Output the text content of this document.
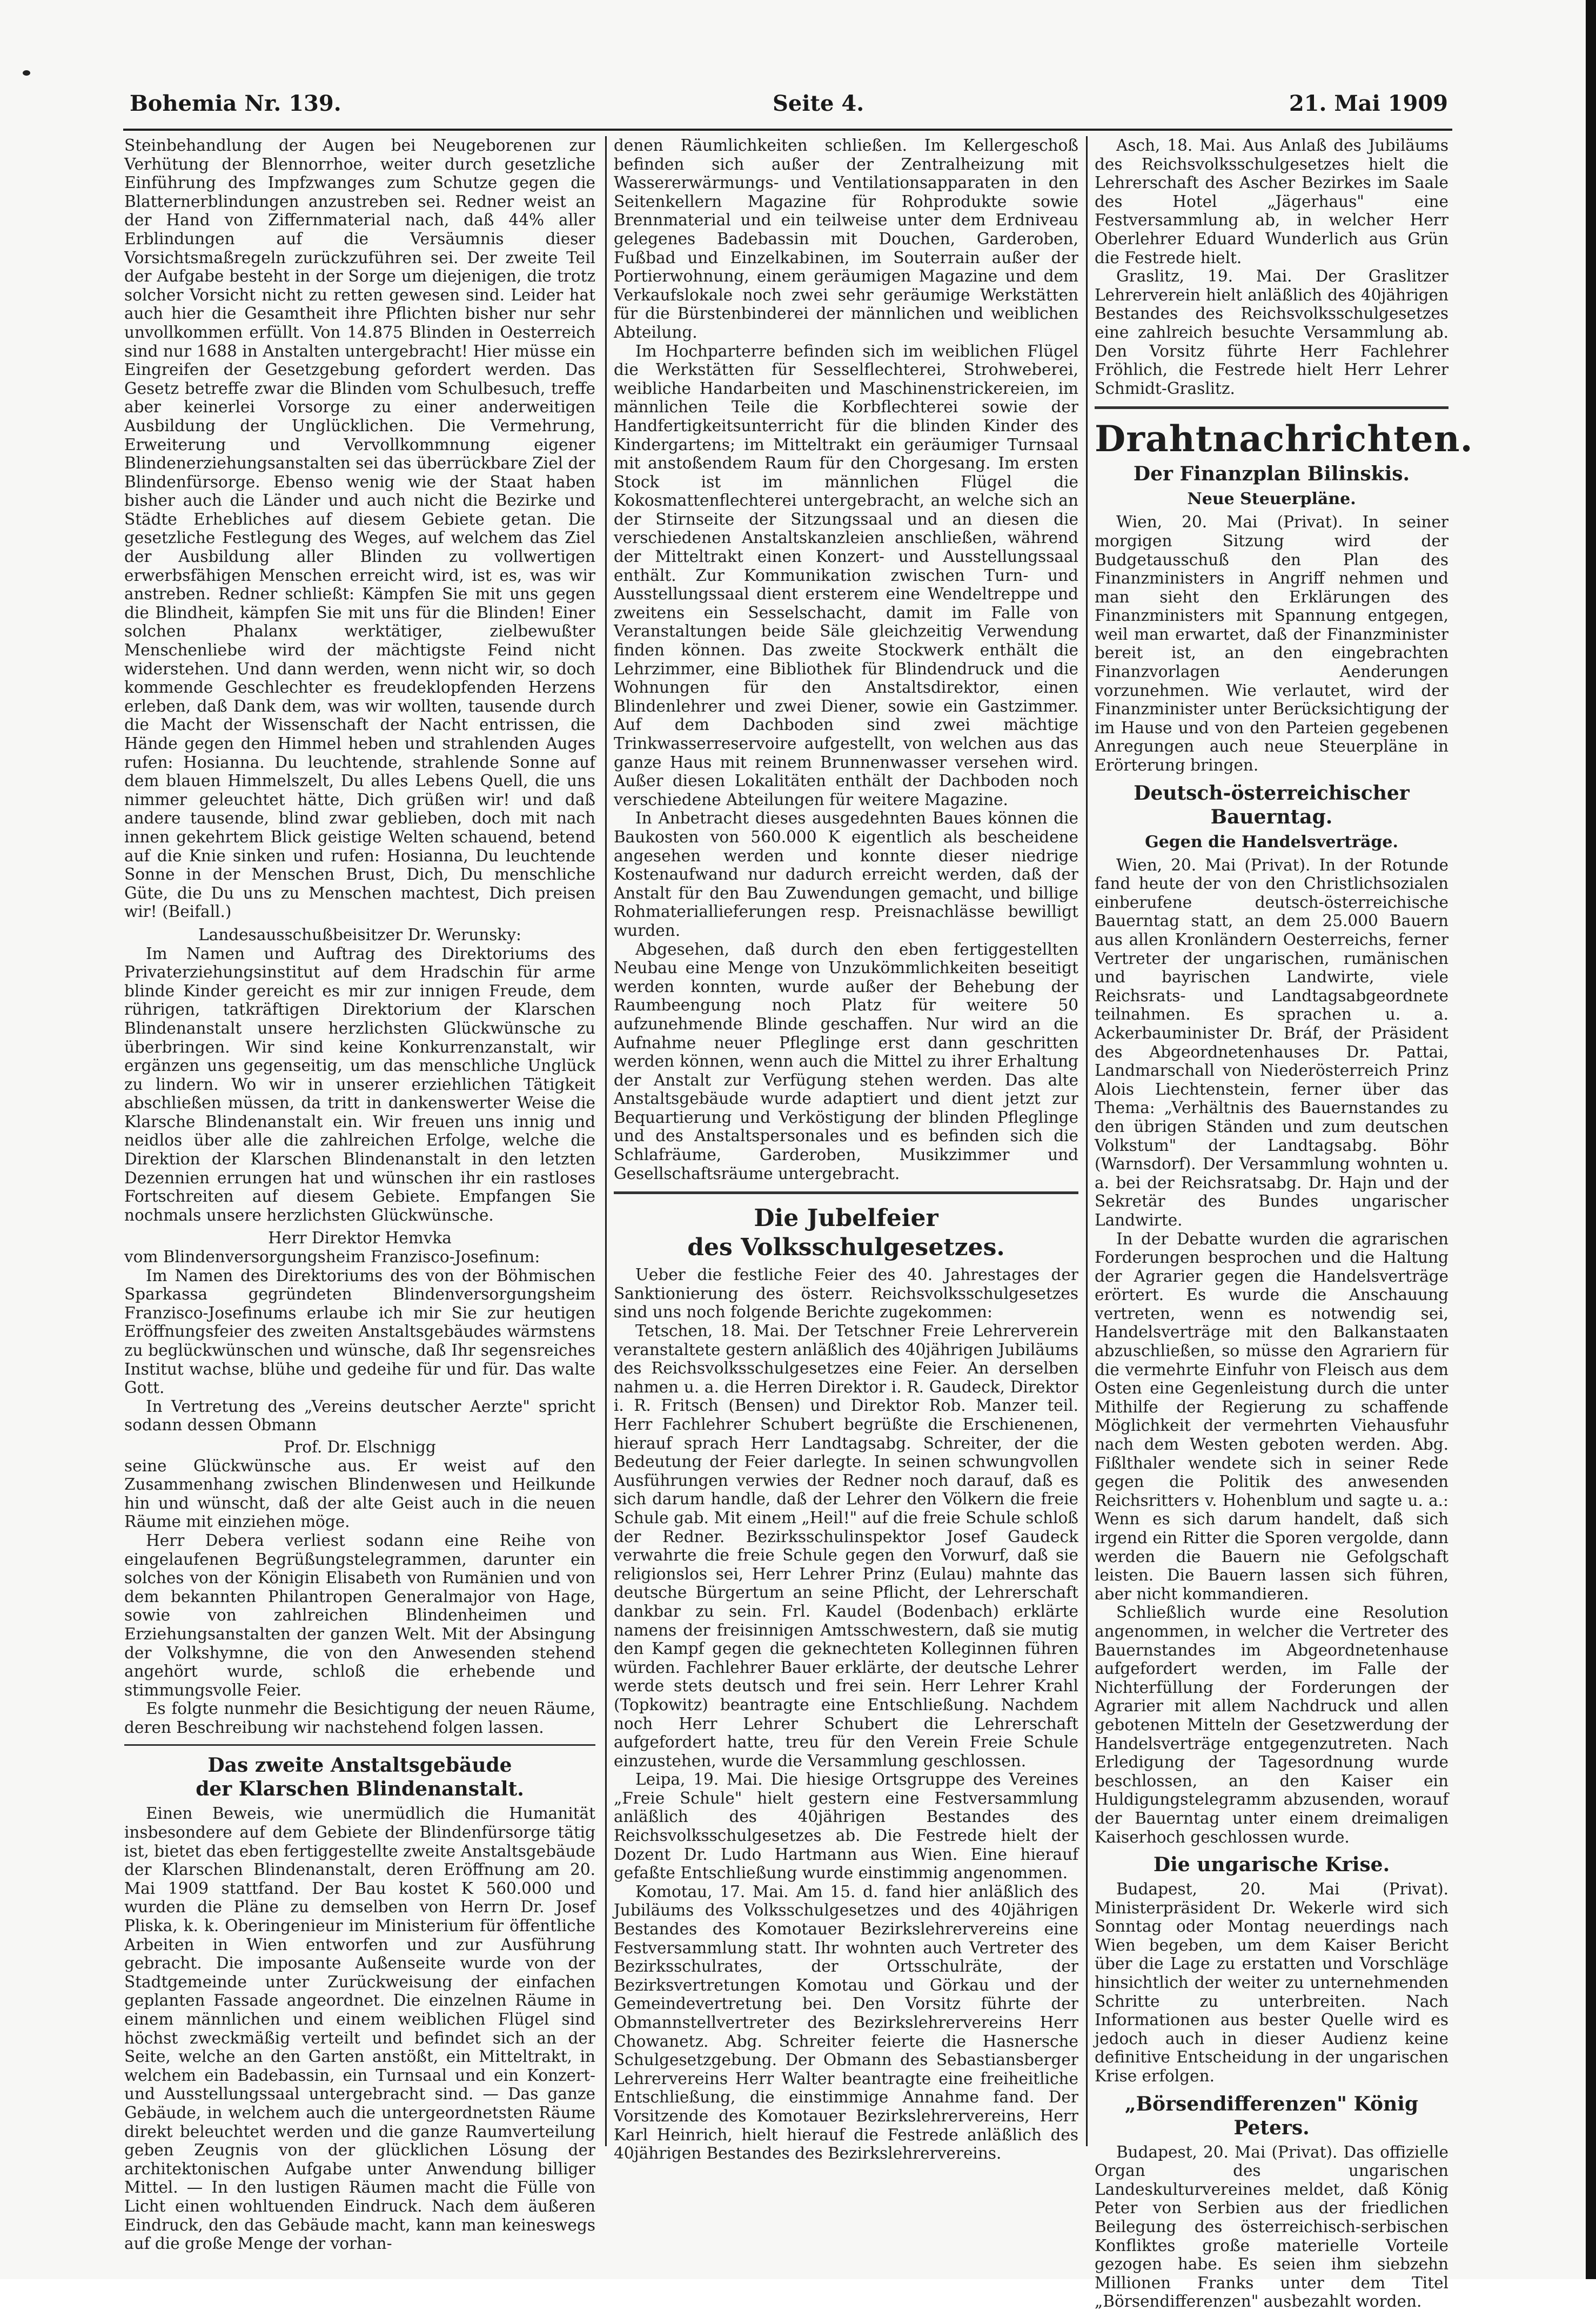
Bohemia Nr. 139.	Seite 4.	21. Mai 1909

Steinbehandlung der Augen bei Neugeborenen zur Verhütung der Blennorrhoe, weiter durch gesetzliche Einführung des Impfzwanges zum Schutze gegen die Blatternerblindungen anzustreben sei. Redner weist an der Hand von Ziffernmaterial nach, daß 44% aller Erblindungen auf die Versäumnis dieser Vorsichtsmaßregeln zurückzuführen sei. Der zweite Teil der Aufgabe besteht in der Sorge um diejenigen, die trotz solcher Vorsicht nicht zu retten gewesen sind. Leider hat auch hier die Gesamtheit ihre Pflichten bisher nur sehr unvollkommen erfüllt. Von 14.875 Blinden in Oesterreich sind nur 1688 in Anstalten untergebracht! Hier müsse ein Eingreifen der Gesetzgebung gefordert werden. Das Gesetz betreffe zwar die Blinden vom Schulbesuch, treffe aber keinerlei Vorsorge zu einer anderweitigen Ausbildung der Unglücklichen. Die Vermehrung, Erweiterung und Vervollkommnung eigener Blindenerziehungsanstalten sei das überrückbare Ziel der Blindenfürsorge. Ebenso wenig wie der Staat haben bisher auch die Länder und auch nicht die Bezirke und Städte Erhebliches auf diesem Gebiete getan. Die gesetzliche Festlegung des Weges, auf welchem das Ziel der Ausbildung aller Blinden zu vollwertigen erwerbsfähigen Menschen erreicht wird, ist es, was wir anstreben. Redner schließt: Kämpfen Sie mit uns gegen die Blindheit, kämpfen Sie mit uns für die Blinden! Einer solchen Phalanx werktätiger, zielbewußter Menschenliebe wird der mächtigste Feind nicht widerstehen. Und dann werden, wenn nicht wir, so doch kommende Geschlechter es freudeklopfenden Herzens erleben, daß Dank dem, was wir wollten, tausende durch die Macht der Wissenschaft der Nacht entrissen, die Hände gegen den Himmel heben und strahlenden Auges rufen: Hosianna. Du leuchtende, strahlende Sonne auf dem blauen Himmelszelt, Du alles Lebens Quell, die uns nimmer geleuchtet hätte, Dich grüßen wir! und daß andere tausende, blind zwar geblieben, doch mit nach innen gekehrtem Blick geistige Welten schauend, betend auf die Knie sinken und rufen: Hosianna, Du leuchtende Sonne in der Menschen Brust, Dich, Du menschliche Güte, die Du uns zu Menschen machtest, Dich preisen wir! (Beifall.)

Landesausschußbeisitzer Dr. Werunsky:

Im Namen und Auftrag des Direktoriums des Privaterziehungsinstitut auf dem Hradschin für arme blinde Kinder gereicht es mir zur innigen Freude, dem rührigen, tatkräftigen Direktorium der Klarschen Blindenanstalt unsere herzlichsten Glückwünsche zu überbringen. Wir sind keine Konkurrenzanstalt, wir ergänzen uns gegenseitig, um das menschliche Unglück zu lindern. Wo wir in unserer erziehlichen Tätigkeit abschließen müssen, da tritt in dankenswerter Weise die Klarsche Blindenanstalt ein. Wir freuen uns innig und neidlos über alle die zahlreichen Erfolge, welche die Direktion der Klarschen Blindenanstalt in den letzten Dezennien errungen hat und wünschen ihr ein rastloses Fortschreiten auf diesem Gebiete. Empfangen Sie nochmals unsere herzlichsten Glückwünsche.

Herr Direktor Hemvka

vom Blindenversorgungsheim Franzisco-Josefinum:

Im Namen des Direktoriums des von der Böhmischen Sparkassa gegründeten Blindenversorgungsheim Franzisco-Josefinums erlaube ich mir Sie zur heutigen Eröffnungsfeier des zweiten Anstaltsgebäudes wärmstens zu beglückwünschen und wünsche, daß Ihr segensreiches Institut wachse, blühe und gedeihe für und für. Das walte Gott.

In Vertretung des „Vereins deutscher Aerzte" spricht sodann dessen Obmann

Prof. Dr. Elschnigg

seine Glückwünsche aus. Er weist auf den Zusammenhang zwischen Blindenwesen und Heilkunde hin und wünscht, daß der alte Geist auch in die neuen Räume mit einziehen möge.

Herr Debera verliest sodann eine Reihe von eingelaufenen Begrüßungstelegrammen, darunter ein solches von der Königin Elisabeth von Rumänien und von dem bekannten Philantropen Generalmajor von Hage, sowie von zahlreichen Blindenheimen und Erziehungsanstalten der ganzen Welt. Mit der Absingung der Volkshymne, die von den Anwesenden stehend angehört wurde, schloß die erhebende und stimmungsvolle Feier.

Es folgte nunmehr die Besichtigung der neuen Räume, deren Beschreibung wir nachstehend folgen lassen.

Das zweite Anstaltsgebäude
der Klarschen Blindenanstalt.

Einen Beweis, wie unermüdlich die Humanität insbesondere auf dem Gebiete der Blindenfürsorge tätig ist, bietet das eben fertiggestellte zweite Anstaltsgebäude der Klarschen Blindenanstalt, deren Eröffnung am 20. Mai 1909 stattfand. Der Bau kostet K 560.000 und wurden die Pläne zu demselben von Herrn Dr. Josef Pliska, k. k. Oberingenieur im Ministerium für öffentliche Arbeiten in Wien entworfen und zur Ausführung gebracht. Die imposante Außenseite wurde von der Stadtgemeinde unter Zurückweisung der einfachen geplanten Fassade angeordnet. Die einzelnen Räume in einem männlichen und einem weiblichen Flügel sind höchst zweckmäßig verteilt und befindet sich an der Seite, welche an den Garten anstößt, ein Mitteltrakt, in welchem ein Badebassin, ein Turnsaal und ein Konzert- und Ausstellungssaal untergebracht sind. — Das ganze Gebäude, in welchem auch die untergeordnetsten Räume direkt beleuchtet werden und die ganze Raumverteilung geben Zeugnis von der glücklichen Lösung der architektonischen Aufgabe unter Anwendung billiger Mittel. — In den lustigen Räumen macht die Fülle von Licht einen wohltuenden Eindruck. Nach dem äußeren Eindruck, den das Gebäude macht, kann man keineswegs auf die große Menge der vorhan-

denen Räumlichkeiten schließen. Im Kellergeschoß befinden sich außer der Zentralheizung mit Wassererwärmungs- und Ventilationsapparaten in den Seitenkellern Magazine für Rohprodukte sowie Brennmaterial und ein teilweise unter dem Erdniveau gelegenes Badebassin mit Douchen, Garderoben, Fußbad und Einzelkabinen, im Souterrain außer der Portierwohnung, einem geräumigen Magazine und dem Verkaufslokale noch zwei sehr geräumige Werkstätten für die Bürstenbinderei der männlichen und weiblichen Abteilung.

Im Hochparterre befinden sich im weiblichen Flügel die Werkstätten für Sesselflechterei, Strohweberei, weibliche Handarbeiten und Maschinenstrickereien, im männlichen Teile die Korbflechterei sowie der Handfertigkeitsunterricht für die blinden Kinder des Kindergartens; im Mitteltrakt ein geräumiger Turnsaal mit anstoßendem Raum für den Chorgesang. Im ersten Stock ist im männlichen Flügel die Kokosmattenflechterei untergebracht, an welche sich an der Stirnseite der Sitzungssaal und an diesen die verschiedenen Anstaltskanzleien anschließen, während der Mitteltrakt einen Konzert- und Ausstellungssaal enthält. Zur Kommunikation zwischen Turn- und Ausstellungssaal dient ersterem eine Wendeltreppe und zweitens ein Sesselschacht, damit im Falle von Veranstaltungen beide Säle gleichzeitig Verwendung finden können. Das zweite Stockwerk enthält die Lehrzimmer, eine Bibliothek für Blindendruck und die Wohnungen für den Anstaltsdirektor, einen Blindenlehrer und zwei Diener, sowie ein Gastzimmer. Auf dem Dachboden sind zwei mächtige Trinkwasserreservoire aufgestellt, von welchen aus das ganze Haus mit reinem Brunnenwasser versehen wird. Außer diesen Lokalitäten enthält der Dachboden noch verschiedene Abteilungen für weitere Magazine.

In Anbetracht dieses ausgedehnten Baues können die Baukosten von 560.000 K eigentlich als bescheidene angesehen werden und konnte dieser niedrige Kostenaufwand nur dadurch erreicht werden, daß der Anstalt für den Bau Zuwendungen gemacht, und billige Rohmateriallieferungen resp. Preisnachlässe bewilligt wurden.

Abgesehen, daß durch den eben fertiggestellten Neubau eine Menge von Unzukömmlichkeiten beseitigt werden konnten, wurde außer der Behebung der Raumbeengung noch Platz für weitere 50 aufzunehmende Blinde geschaffen. Nur wird an die Aufnahme neuer Pfleglinge erst dann geschritten werden können, wenn auch die Mittel zu ihrer Erhaltung der Anstalt zur Verfügung stehen werden. Das alte Anstaltsgebäude wurde adaptiert und dient jetzt zur Bequartierung und Verköstigung der blinden Pfleglinge und des Anstaltspersonales und es befinden sich die Schlafräume, Garderoben, Musikzimmer und Gesellschaftsräume untergebracht.

Die Jubelfeier
des Volksschulgesetzes.

Ueber die festliche Feier des 40. Jahrestages der Sanktionierung des österr. Reichsvolksschulgesetzes sind uns noch folgende Berichte zugekommen:

Tetschen, 18. Mai. Der Tetschner Freie Lehrerverein veranstaltete gestern anläßlich des 40jährigen Jubiläums des Reichsvolksschulgesetzes eine Feier. An derselben nahmen u. a. die Herren Direktor i. R. Gaudeck, Direktor i. R. Fritsch (Bensen) und Direktor Rob. Manzer teil. Herr Fachlehrer Schubert begrüßte die Erschienenen, hierauf sprach Herr Landtagsabg. Schreiter, der die Bedeutung der Feier darlegte. In seinen schwungvollen Ausführungen verwies der Redner noch darauf, daß es sich darum handle, daß der Lehrer den Völkern die freie Schule gab. Mit einem „Heil!" auf die freie Schule schloß der Redner. Bezirksschulinspektor Josef Gaudeck verwahrte die freie Schule gegen den Vorwurf, daß sie religionslos sei, Herr Lehrer Prinz (Eulau) mahnte das deutsche Bürgertum an seine Pflicht, der Lehrerschaft dankbar zu sein. Frl. Kaudel (Bodenbach) erklärte namens der freisinnigen Amtsschwestern, daß sie mutig den Kampf gegen die geknechteten Kolleginnen führen würden. Fachlehrer Bauer erklärte, der deutsche Lehrer werde stets deutsch und frei sein. Herr Lehrer Krahl (Topkowitz) beantragte eine Entschließung. Nachdem noch Herr Lehrer Schubert die Lehrerschaft aufgefordert hatte, treu für den Verein Freie Schule einzustehen, wurde die Versammlung geschlossen.

Leipa, 19. Mai. Die hiesige Ortsgruppe des Vereines „Freie Schule" hielt gestern eine Festversammlung anläßlich des 40jährigen Bestandes des Reichsvolksschulgesetzes ab. Die Festrede hielt der Dozent Dr. Ludo Hartmann aus Wien. Eine hierauf gefaßte Entschließung wurde einstimmig angenommen.

Komotau, 17. Mai. Am 15. d. fand hier anläßlich des Jubiläums des Volksschulgesetzes und des 40jährigen Bestandes des Komotauer Bezirkslehrervereins eine Festversammlung statt. Ihr wohnten auch Vertreter des Bezirksschulrates, der Ortsschulräte, der Bezirksvertretungen Komotau und Görkau und der Gemeindevertretung bei. Den Vorsitz führte der Obmannstellvertreter des Bezirkslehrervereins Herr Chowanetz. Abg. Schreiter feierte die Hasnersche Schulgesetzgebung. Der Obmann des Sebastiansberger Lehrervereins Herr Walter beantragte eine freiheitliche Entschließung, die einstimmige Annahme fand. Der Vorsitzende des Komotauer Bezirkslehrervereins, Herr Karl Heinrich, hielt hierauf die Festrede anläßlich des 40jährigen Bestandes des Bezirkslehrervereins.

Asch, 18. Mai. Aus Anlaß des Jubiläums des Reichsvolksschulgesetzes hielt die Lehrerschaft des Ascher Bezirkes im Saale des Hotel „Jägerhaus" eine Festversammlung ab, in welcher Herr Oberlehrer Eduard Wunderlich aus Grün die Festrede hielt.

Graslitz, 19. Mai. Der Graslitzer Lehrerverein hielt anläßlich des 40jährigen Bestandes des Reichsvolksschulgesetzes eine zahlreich besuchte Versammlung ab. Den Vorsitz führte Herr Fachlehrer Fröhlich, die Festrede hielt Herr Lehrer Schmidt-Graslitz.

Drahtnachrichten.
Der Finanzplan Bilinskis.
Neue Steuerpläne.

Wien, 20. Mai (Privat). In seiner morgigen Sitzung wird der Budgetausschuß den Plan des Finanzministers in Angriff nehmen und man sieht den Erklärungen des Finanzministers mit Spannung entgegen, weil man erwartet, daß der Finanzminister bereit ist, an den eingebrachten Finanzvorlagen Aenderungen vorzunehmen. Wie verlautet, wird der Finanzminister unter Berücksichtigung der im Hause und von den Parteien gegebenen Anregungen auch neue Steuerpläne in Erörterung bringen.

Deutsch-österreichischer Bauerntag.
Gegen die Handelsverträge.

Wien, 20. Mai (Privat). In der Rotunde fand heute der von den Christlichsozialen einberufene deutsch-österreichische Bauerntag statt, an dem 25.000 Bauern aus allen Kronländern Oesterreichs, ferner Vertreter der ungarischen, rumänischen und bayrischen Landwirte, viele Reichsrats- und Landtagsabgeordnete teilnahmen. Es sprachen u. a. Ackerbauminister Dr. Bráf, der Präsident des Abgeordnetenhauses Dr. Pattai, Landmarschall von Niederösterreich Prinz Alois Liechtenstein, ferner über das Thema: „Verhältnis des Bauernstandes zu den übrigen Ständen und zum deutschen Volkstum" der Landtagsabg. Böhr (Warnsdorf). Der Versammlung wohnten u. a. bei der Reichsratsabg. Dr. Hajn und der Sekretär des Bundes ungarischer Landwirte.

In der Debatte wurden die agrarischen Forderungen besprochen und die Haltung der Agrarier gegen die Handelsverträge erörtert. Es wurde die Anschauung vertreten, wenn es notwendig sei, Handelsverträge mit den Balkanstaaten abzuschließen, so müsse den Agrariern für die vermehrte Einfuhr von Fleisch aus dem Osten eine Gegenleistung durch die unter Mithilfe der Regierung zu schaffende Möglichkeit der vermehrten Viehausfuhr nach dem Westen geboten werden. Abg. Fißlthaler wendete sich in seiner Rede gegen die Politik des anwesenden Reichsritters v. Hohenblum und sagte u. a.: Wenn es sich darum handelt, daß sich irgend ein Ritter die Sporen vergolde, dann werden die Bauern nie Gefolgschaft leisten. Die Bauern lassen sich führen, aber nicht kommandieren.

Schließlich wurde eine Resolution angenommen, in welcher die Vertreter des Bauernstandes im Abgeordnetenhause aufgefordert werden, im Falle der Nichterfüllung der Forderungen der Agrarier mit allem Nachdruck und allen gebotenen Mitteln der Gesetzwerdung der Handelsverträge entgegenzutreten. Nach Erledigung der Tagesordnung wurde beschlossen, an den Kaiser ein Huldigungstelegramm abzusenden, worauf der Bauerntag unter einem dreimaligen Kaiserhoch geschlossen wurde.

Die ungarische Krise.

Budapest, 20. Mai (Privat). Ministerpräsident Dr. Wekerle wird sich Sonntag oder Montag neuerdings nach Wien begeben, um dem Kaiser Bericht über die Lage zu erstatten und Vorschläge hinsichtlich der weiter zu unternehmenden Schritte zu unterbreiten. Nach Informationen aus bester Quelle wird es jedoch auch in dieser Audienz keine definitive Entscheidung in der ungarischen Krise erfolgen.

„Börsendifferenzen" König Peters.

Budapest, 20. Mai (Privat). Das offizielle Organ des ungarischen Landeskulturvereines meldet, daß König Peter von Serbien aus der friedlichen Beilegung des österreichisch-serbischen Konfliktes große materielle Vorteile gezogen habe. Es seien ihm siebzehn Millionen Franks unter dem Titel „Börsendifferenzen" ausbezahlt worden.
